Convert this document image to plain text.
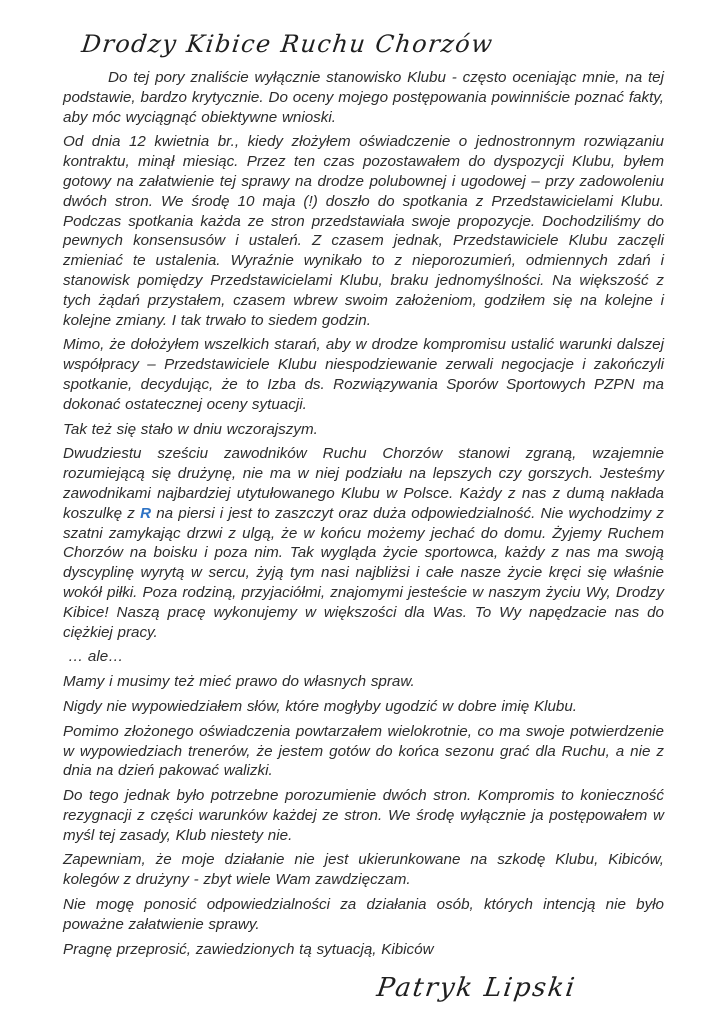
Drodzy Kibice Ruchu Chorzów

Do tej pory znaliście wyłącznie stanowisko Klubu - często oceniając mnie, na tej podstawie, bardzo krytycznie. Do oceny mojego postępowania powinniście poznać fakty, aby móc wyciągnąć obiektywne wnioski.

Od dnia 12 kwietnia br., kiedy złożyłem oświadczenie o jednostronnym rozwiązaniu kontraktu, minął miesiąc. Przez ten czas pozostawałem do dyspozycji Klubu, byłem gotowy na załatwienie tej sprawy na drodze polubownej i ugodowej – przy zadowoleniu dwóch stron. We środę 10 maja (!) doszło do spotkania z Przedstawicielami Klubu. Podczas spotkania każda ze stron przedstawiała swoje propozycje. Dochodziliśmy do pewnych konsensusów i ustaleń. Z czasem jednak, Przedstawiciele Klubu zaczęli zmieniać te ustalenia. Wyraźnie wynikało to z nieporozumień, odmiennych zdań i stanowisk pomiędzy Przedstawicielami Klubu, braku jednomyślności. Na większość z tych żądań przystałem, czasem wbrew swoim założeniom, godziłem się na kolejne i kolejne zmiany. I tak trwało to siedem godzin.

Mimo, że dołożyłem wszelkich starań, aby w drodze kompromisu ustalić warunki dalszej współpracy – Przedstawiciele Klubu niespodziewanie zerwali negocjacje i zakończyli spotkanie, decydując, że to Izba ds. Rozwiązywania Sporów Sportowych PZPN ma dokonać ostatecznej oceny sytuacji.

Tak też się stało w dniu wczorajszym.

Dwudziestu sześciu zawodników Ruchu Chorzów stanowi zgraną, wzajemnie rozumiejącą się drużynę, nie ma w niej podziału na lepszych czy gorszych. Jesteśmy zawodnikami najbardziej utytułowanego Klubu w Polsce. Każdy z nas z dumą nakłada koszulkę z R na piersi i jest to zaszczyt oraz duża odpowiedzialność. Nie wychodzimy z szatni zamykając drzwi z ulgą, że w końcu możemy jechać do domu. Żyjemy Ruchem Chorzów na boisku i poza nim. Tak wygląda życie sportowca, każdy z nas ma swoją dyscyplinę wyrytą w sercu, żyją tym nasi najbliżsi i całe nasze życie kręci się właśnie wokół piłki. Poza rodziną, przyjaciółmi, znajomymi jesteście w naszym życiu Wy, Drodzy Kibice! Naszą pracę wykonujemy w większości dla Was. To Wy napędzacie nas do ciężkiej pracy.

… ale…

Mamy i musimy też mieć prawo do własnych spraw.

Nigdy nie wypowiedziałem słów, które mogłyby ugodzić w dobre imię Klubu.

Pomimo złożonego oświadczenia powtarzałem wielokrotnie, co ma swoje potwierdzenie w wypowiedziach trenerów, że jestem gotów do końca sezonu grać dla Ruchu, a nie z dnia na dzień pakować walizki.

Do tego jednak było potrzebne porozumienie dwóch stron. Kompromis to konieczność rezygnacji z części warunków każdej ze stron. We środę wyłącznie ja postępowałem w myśl tej zasady, Klub niestety nie.

Zapewniam, że moje działanie nie jest ukierunkowane na szkodę Klubu, Kibiców, kolegów z drużyny - zbyt wiele Wam zawdzięczam.

Nie mogę ponosić odpowiedzialności za działania osób, których intencją nie było poważne załatwienie sprawy.

Pragnę przeprosić, zawiedzionych tą sytuacją, Kibiców

Patryk Lipski
